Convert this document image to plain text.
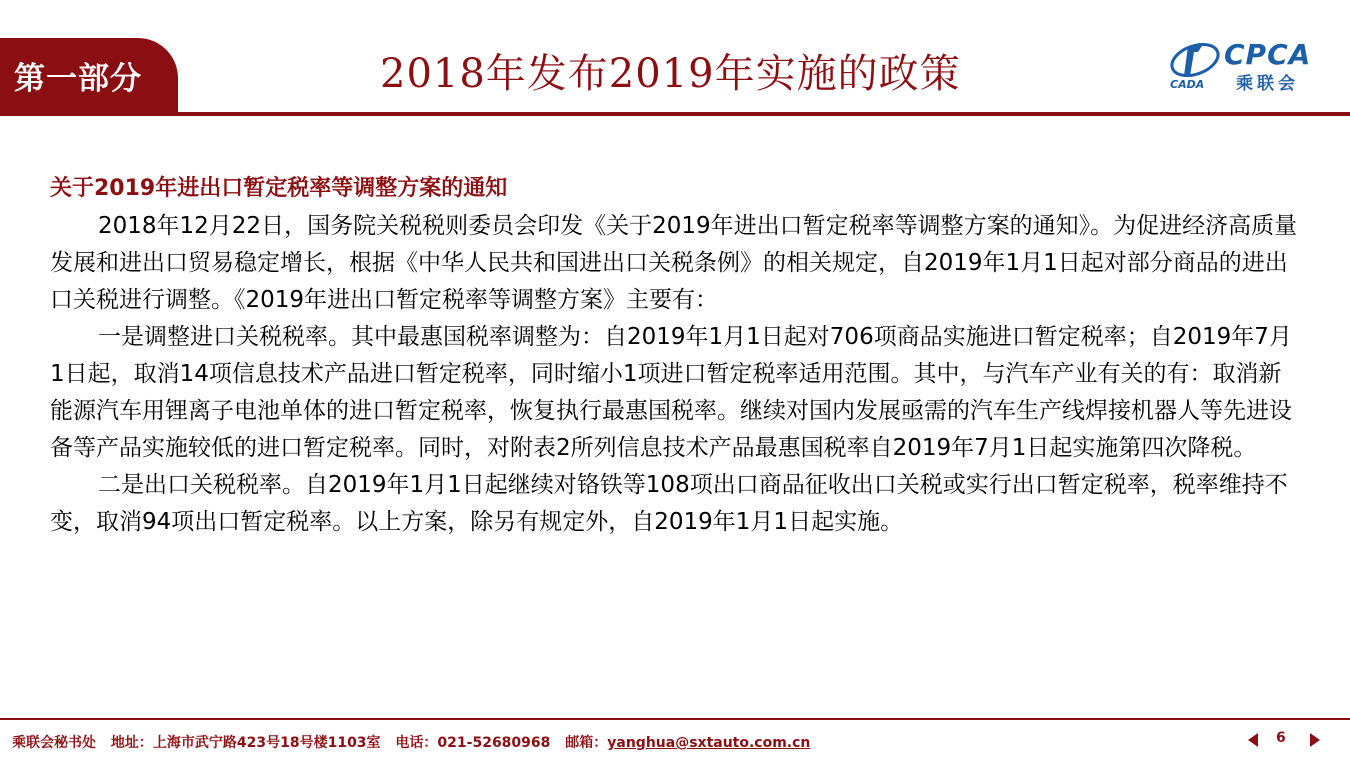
第一部分	2018年发布2019年实施的政策	CADA
CPCA
乘联会

关于2019年进出口暂定税率等调整方案的通知

2018年12月22日，国务院关税税则委员会印发《关于2019年进出口暂定税率等调整方案的通知》。为促进经济高质量发展和进出口贸易稳定增长，根据《中华人民共和国进出口关税条例》的相关规定，自2019年1月1日起对部分商品的进出口关税进行调整。《2019年进出口暂定税率等调整方案》主要有：

一是调整进口关税税率。其中最惠国税率调整为：自2019年1月1日起对706项商品实施进口暂定税率；自2019年7月1日起，取消14项信息技术产品进口暂定税率，同时缩小1项进口暂定税率适用范围。其中，与汽车产业有关的有：取消新能源汽车用锂离子电池单体的进口暂定税率，恢复执行最惠国税率。继续对国内发展亟需的汽车生产线焊接机器人等先进设备等产品实施较低的进口暂定税率。同时，对附表2所列信息技术产品最惠国税率自2019年7月1日起实施第四次降税。

二是出口关税税率。自2019年1月1日起继续对铬铁等108项出口商品征收出口关税或实行出口暂定税率，税率维持不变，取消94项出口暂定税率。以上方案，除另有规定外，自2019年1月1日起实施。

乘联会秘书处 地址：上海市武宁路423号18号楼1103室 电话：021-52680968 邮箱：yanghua@sxtauto.com.cn	6
